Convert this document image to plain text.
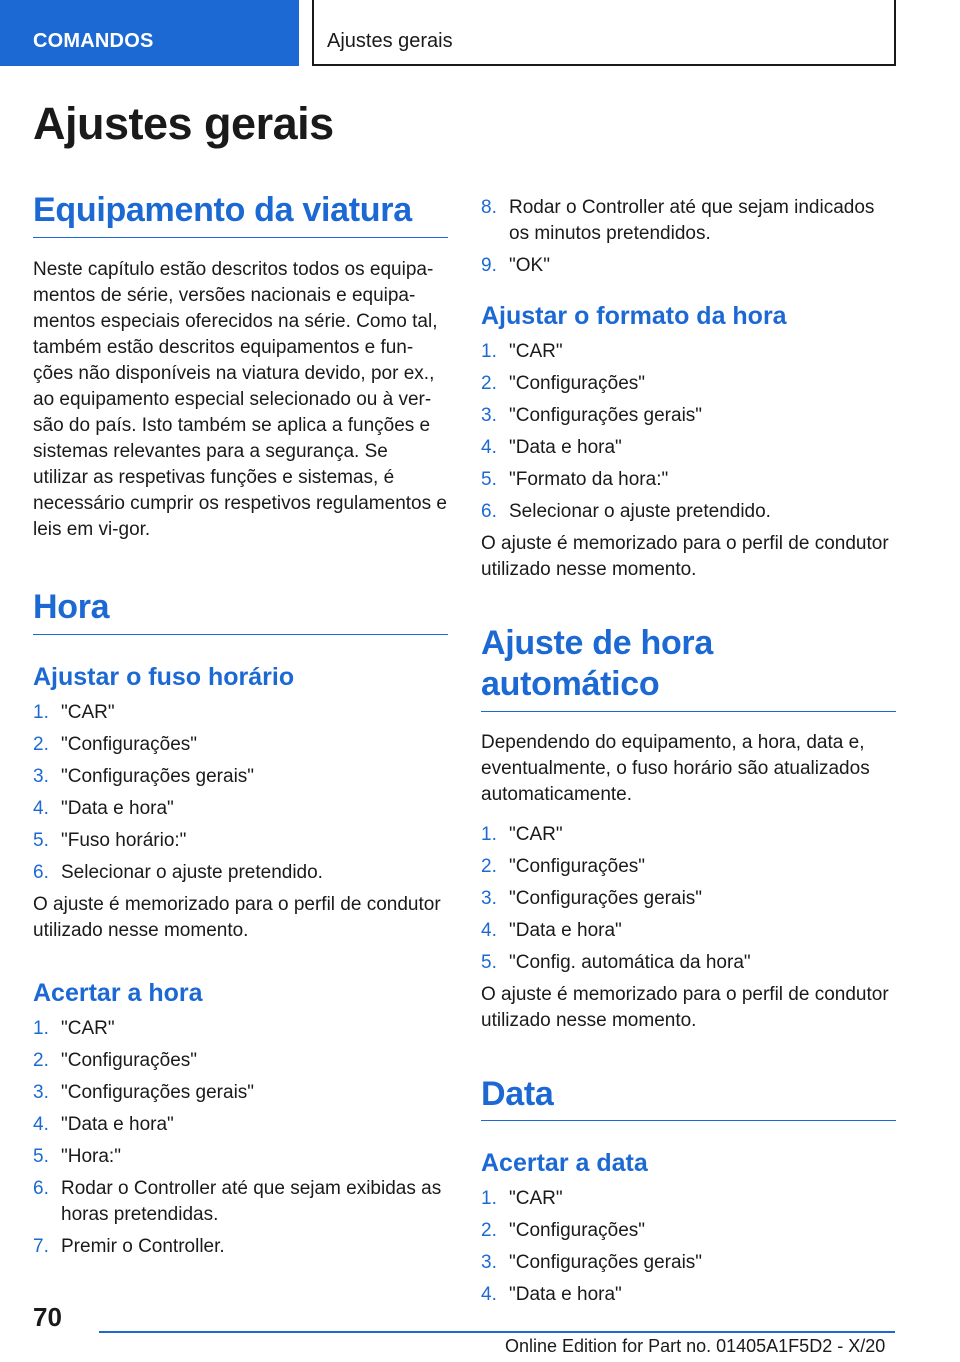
COMANDOS	Ajustes gerais
Ajustes gerais
Equipamento da viatura

Neste capítulo estão descritos todos os equipa-mentos de série, versões nacionais e equipa-mentos especiais oferecidos na série. Como tal, também estão descritos equipamentos e fun-ções não disponíveis na viatura devido, por ex., ao equipamento especial selecionado ou à ver-são do país. Isto também se aplica a funções e sistemas relevantes para a segurança. Se utilizar as respetivas funções e sistemas, é necessário cumprir os respetivos regulamentos e leis em vi-gor.

Hora
Ajustar o fuso horário
1. "CAR"
2. "Configurações"
3. "Configurações gerais"
4. "Data e hora"
5. "Fuso horário:"
6. Selecionar o ajuste pretendido.

O ajuste é memorizado para o perfil de condutor utilizado nesse momento.

Acertar a hora
1. "CAR"
2. "Configurações"
3. "Configurações gerais"
4. "Data e hora"
5. "Hora:"
6. Rodar o Controller até que sejam exibidas as horas pretendidas.
7. Premir o Controller.
8. Rodar o Controller até que sejam indicados os minutos pretendidos.
9. "OK"
Ajustar o formato da hora
1. "CAR"
2. "Configurações"
3. "Configurações gerais"
4. "Data e hora"
5. "Formato da hora:"
6. Selecionar o ajuste pretendido.

O ajuste é memorizado para o perfil de condutor utilizado nesse momento.

Ajuste de hora automático

Dependendo do equipamento, a hora, data e, eventualmente, o fuso horário são atualizados automaticamente.

1. "CAR"
2. "Configurações"
3. "Configurações gerais"
4. "Data e hora"
5. "Config. automática da hora"

O ajuste é memorizado para o perfil de condutor utilizado nesse momento.

Data
Acertar a data
1. "CAR"
2. "Configurações"
3. "Configurações gerais"
4. "Data e hora"
70
Online Edition for Part no. 01405A1F5D2 - X/20
